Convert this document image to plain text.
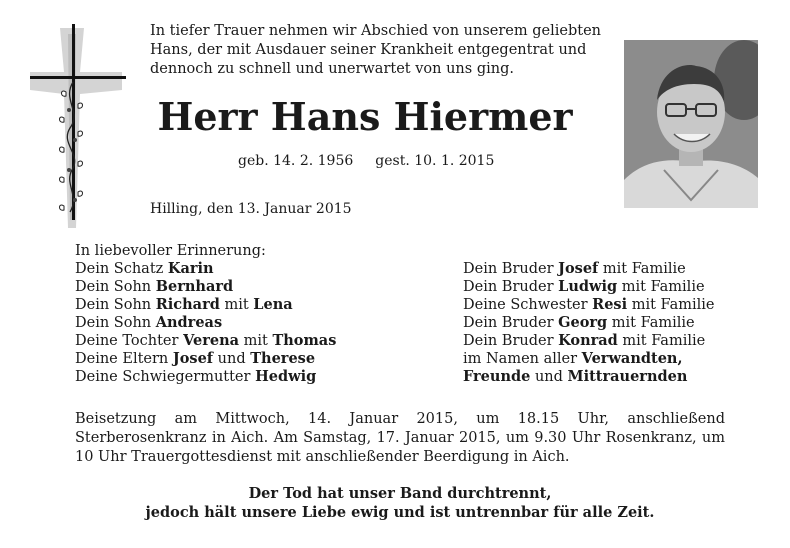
In tiefer Trauer nehmen wir Abschied von unserem geliebten Hans, der mit Ausdauer seiner Krankheit entgegentrat und dennoch zu schnell und unerwartet von uns ging.
Herr Hans Hiermer
geb. 14. 2. 1956 gest. 10. 1. 2015
Hilling, den 13. Januar 2015
In liebevoller Erinnerung:
Dein Schatz Karin
Dein Sohn Bernhard
Dein Sohn Richard mit Lena
Dein Sohn Andreas
Deine Tochter Verena mit Thomas
Deine Eltern Josef und Therese
Deine Schwiegermutter Hedwig
Dein Bruder Josef mit Familie
Dein Bruder Ludwig mit Familie
Deine Schwester Resi mit Familie
Dein Bruder Georg mit Familie
Dein Bruder Konrad mit Familie
im Namen aller Verwandten,
Freunde und Mittrauernden
Beisetzung am Mittwoch, 14. Januar 2015, um 18.15 Uhr, anschließend Sterberosenkranz in Aich. Am Samstag, 17. Januar 2015, um 9.30 Uhr Rosenkranz, um 10 Uhr Trauergottesdienst mit anschließender Beerdigung in Aich.
Der Tod hat unser Band durchtrennt,
jedoch hält unsere Liebe ewig und ist untrennbar für alle Zeit.
